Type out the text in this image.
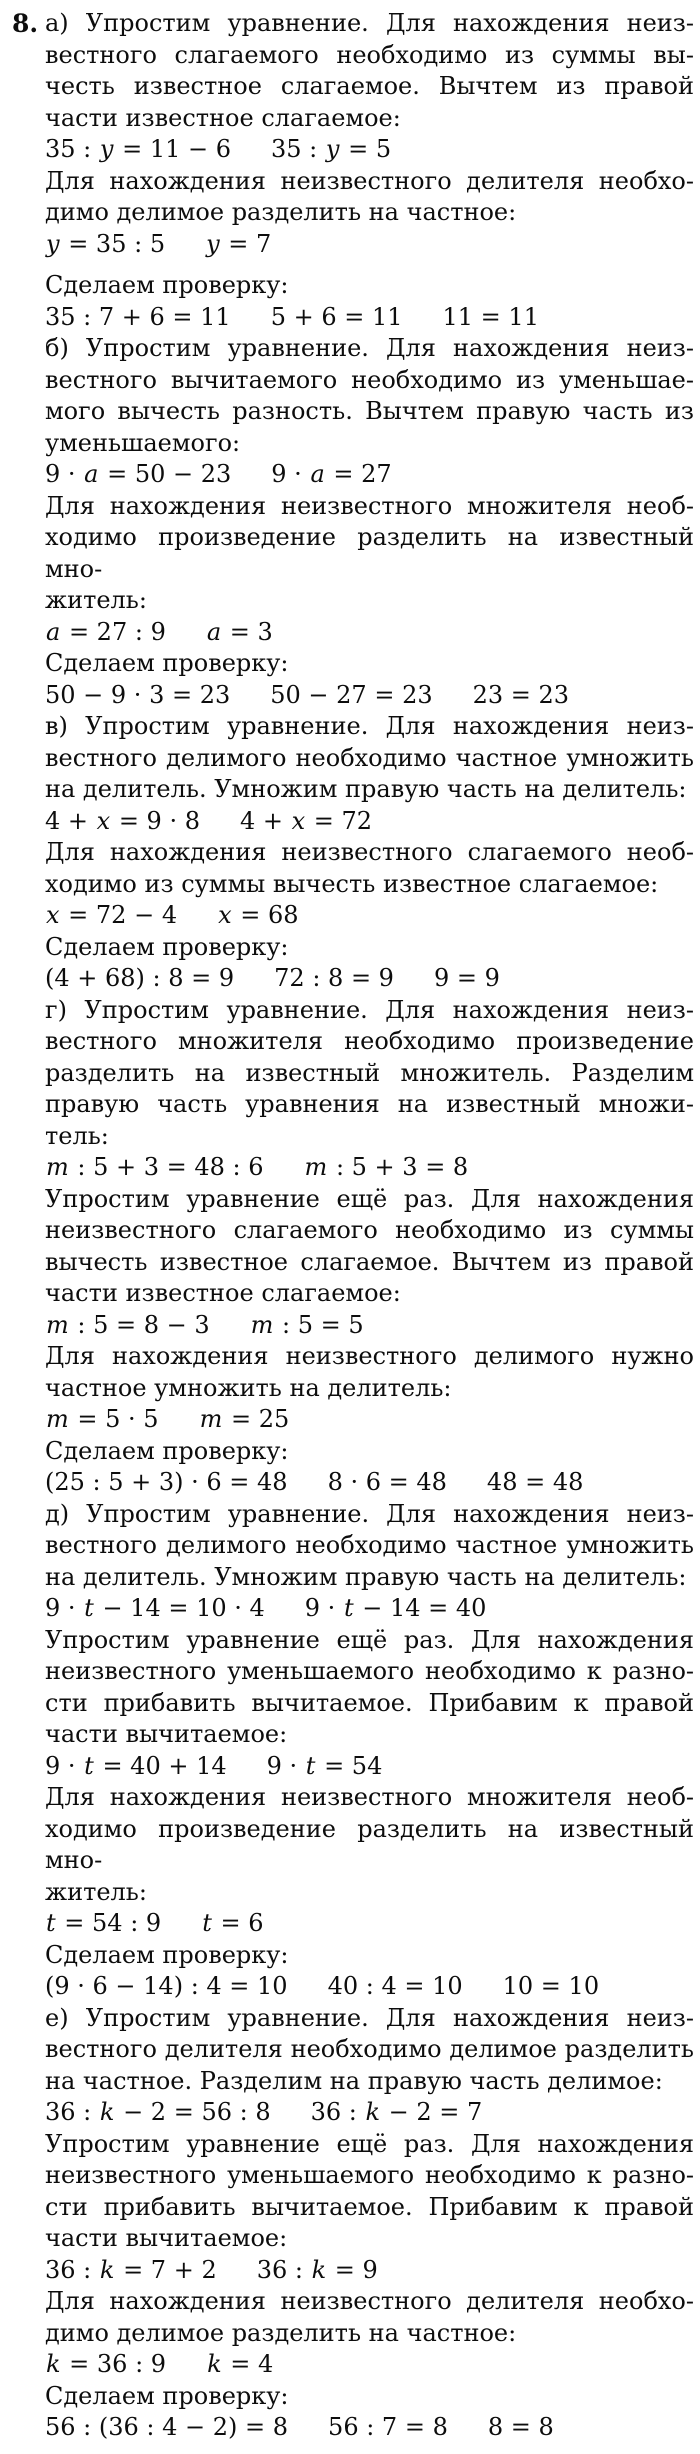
8. а) Упростим уравнение. Для нахождения неиз-
вестного слагаемого необходимо из суммы вы-
честь известное слагаемое. Вычтем из правой
части известное слагаемое:
35 : y = 11 − 6 35 : y = 5
Для нахождения неизвестного делителя необхо-
димо делимое разделить на частное:
y = 35 : 5 y = 7
Сделаем проверку:
35 : 7 + 6 = 11 5 + 6 = 11 11 = 11
б) Упростим уравнение. Для нахождения неиз-
вестного вычитаемого необходимо из уменьшае-
мого вычесть разность. Вычтем правую часть из
уменьшаемого:
9 · a = 50 − 23 9 · a = 27
Для нахождения неизвестного множителя необ-
ходимо произведение разделить на известный мно-
житель:
a = 27 : 9 a = 3
Сделаем проверку:
50 − 9 · 3 = 23 50 − 27 = 23 23 = 23
в) Упростим уравнение. Для нахождения неиз-
вестного делимого необходимо частное умножить
на делитель. Умножим правую часть на делитель:
4 + x = 9 · 8 4 + x = 72
Для нахождения неизвестного слагаемого необ-
ходимо из суммы вычесть известное слагаемое:
x = 72 − 4 x = 68
Сделаем проверку:
(4 + 68) : 8 = 9 72 : 8 = 9 9 = 9
г) Упростим уравнение. Для нахождения неиз-
вестного множителя необходимо произведение
разделить на известный множитель. Разделим
правую часть уравнения на известный множи-
тель:
m : 5 + 3 = 48 : 6 m : 5 + 3 = 8
Упростим уравнение ещё раз. Для нахождения
неизвестного слагаемого необходимо из суммы
вычесть известное слагаемое. Вычтем из правой
части известное слагаемое:
m : 5 = 8 − 3 m : 5 = 5
Для нахождения неизвестного делимого нужно
частное умножить на делитель:
m = 5 · 5 m = 25
Сделаем проверку:
(25 : 5 + 3) · 6 = 48 8 · 6 = 48 48 = 48
д) Упростим уравнение. Для нахождения неиз-
вестного делимого необходимо частное умножить
на делитель. Умножим правую часть на делитель:
9 · t − 14 = 10 · 4 9 · t − 14 = 40
Упростим уравнение ещё раз. Для нахождения
неизвестного уменьшаемого необходимо к разно-
сти прибавить вычитаемое. Прибавим к правой
части вычитаемое:
9 · t = 40 + 14 9 · t = 54
Для нахождения неизвестного множителя необ-
ходимо произведение разделить на известный мно-
житель:
t = 54 : 9 t = 6
Сделаем проверку:
(9 · 6 − 14) : 4 = 10 40 : 4 = 10 10 = 10
е) Упростим уравнение. Для нахождения неиз-
вестного делителя необходимо делимое разделить
на частное. Разделим на правую часть делимое:
36 : k − 2 = 56 : 8 36 : k − 2 = 7
Упростим уравнение ещё раз. Для нахождения
неизвестного уменьшаемого необходимо к разно-
сти прибавить вычитаемое. Прибавим к правой
части вычитаемое:
36 : k = 7 + 2 36 : k = 9
Для нахождения неизвестного делителя необхо-
димо делимое разделить на частное:
k = 36 : 9 k = 4
Сделаем проверку:
56 : (36 : 4 − 2) = 8 56 : 7 = 8 8 = 8
